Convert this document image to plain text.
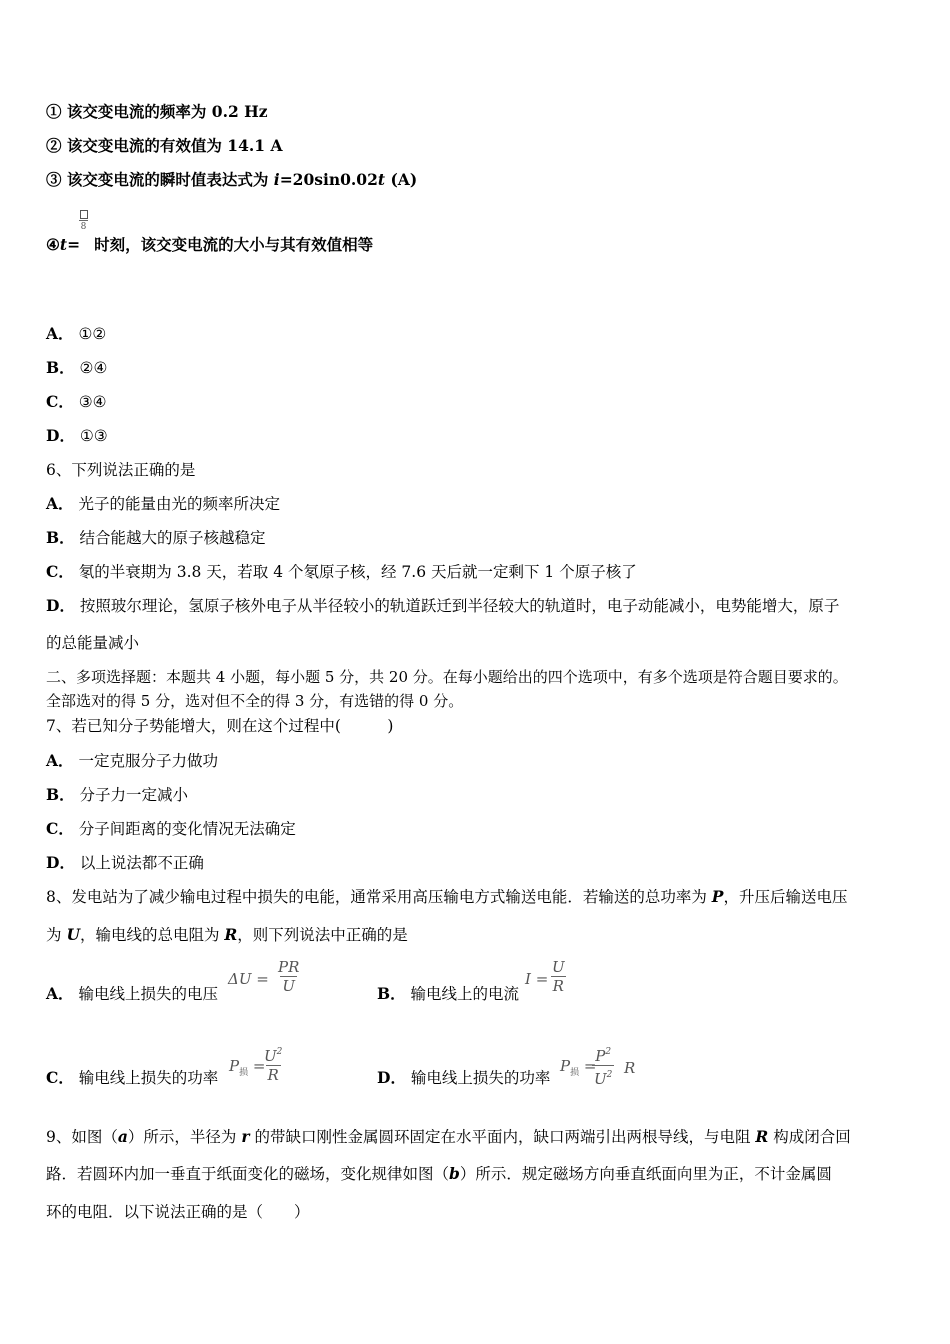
① 该交变电流的频率为 0.2 Hz
② 该交变电流的有效值为 14.1 A
③ 该交变电流的瞬时值表达式为 i=20sin0.02t (A)
8
④t= 时刻，该交变电流的大小与其有效值相等
A． ①②
B． ②④
C． ③④
D． ①③
6、下列说法正确的是
A． 光子的能量由光的频率所决定
B． 结合能越大的原子核越稳定
C． 氡的半衰期为 3.8 天，若取 4 个氡原子核，经 7.6 天后就一定剩下 1 个原子核了
D． 按照玻尔理论，氢原子核外电子从半径较小的轨道跃迁到半径较大的轨道时，电子动能减小，电势能增大，原子
的总能量减小
二、多项选择题：本题共 4 小题，每小题 5 分，共 20 分。在每小题给出的四个选项中，有多个选项是符合题目要求的。
全部选对的得 5 分，选对但不全的得 3 分，有选错的得 0 分。
7、若已知分子势能增大，则在这个过程中(　　　)
A． 一定克服分子力做功
B． 分子力一定减小
C． 分子间距离的变化情况无法确定
D． 以上说法都不正确
8、发电站为了减少输电过程中损失的电能，通常采用高压输电方式输送电能．若输送的总功率为 P，升压后输送电压
为 U，输电线的总电阻为 R，则下列说法中正确的是
A． 输电线上损失的电压
$\Delta U = \frac{PR}{U}$	B． 输电线上的电流
$I = \frac{U}{R}$
C． 输电线上损失的功率
$P_损$ =
$\frac{U^2}{R}$	D． 输电线上损失的功率
$P_损$ =
$\frac{P^2}{U^2}$ R
9、如图（a）所示，半径为 r 的带缺口刚性金属圆环固定在水平面内，缺口两端引出两根导线，与电阻 R 构成闭合回
路．若圆环内加一垂直于纸面变化的磁场，变化规律如图（b）所示．规定磁场方向垂直纸面向里为正，不计金属圆
环的电阻．以下说法正确的是（　　）
